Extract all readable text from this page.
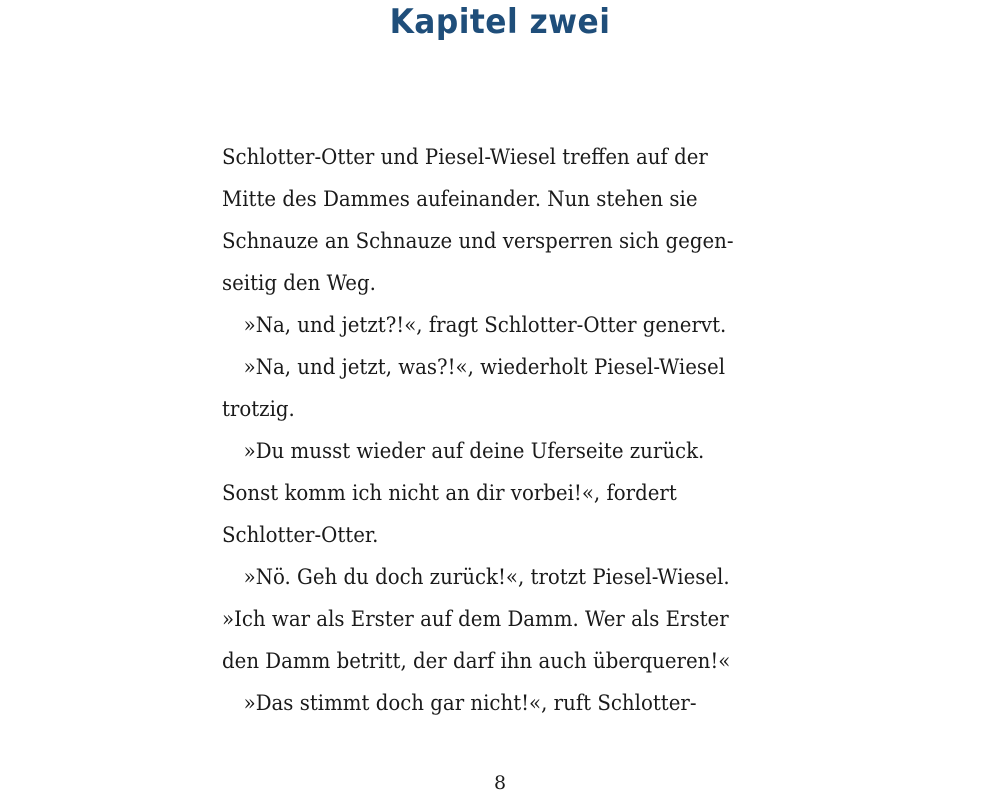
Kapitel zwei
Schlotter-Otter und Piesel-Wiesel treffen auf der
Mitte des Dammes aufeinander. Nun stehen sie
Schnauze an Schnauze und versperren sich gegen-
seitig den Weg.
»Na, und jetzt?!«, fragt Schlotter-Otter genervt.
»Na, und jetzt, was?!«, wiederholt Piesel-Wiesel
trotzig.
»Du musst wieder auf deine Uferseite zurück.
Sonst komm ich nicht an dir vorbei!«, fordert
Schlotter-Otter.
»Nö. Geh du doch zurück!«, trotzt Piesel-Wiesel.
»Ich war als Erster auf dem Damm. Wer als Erster
den Damm betritt, der darf ihn auch überqueren!«
»Das stimmt doch gar nicht!«, ruft Schlotter-
8
